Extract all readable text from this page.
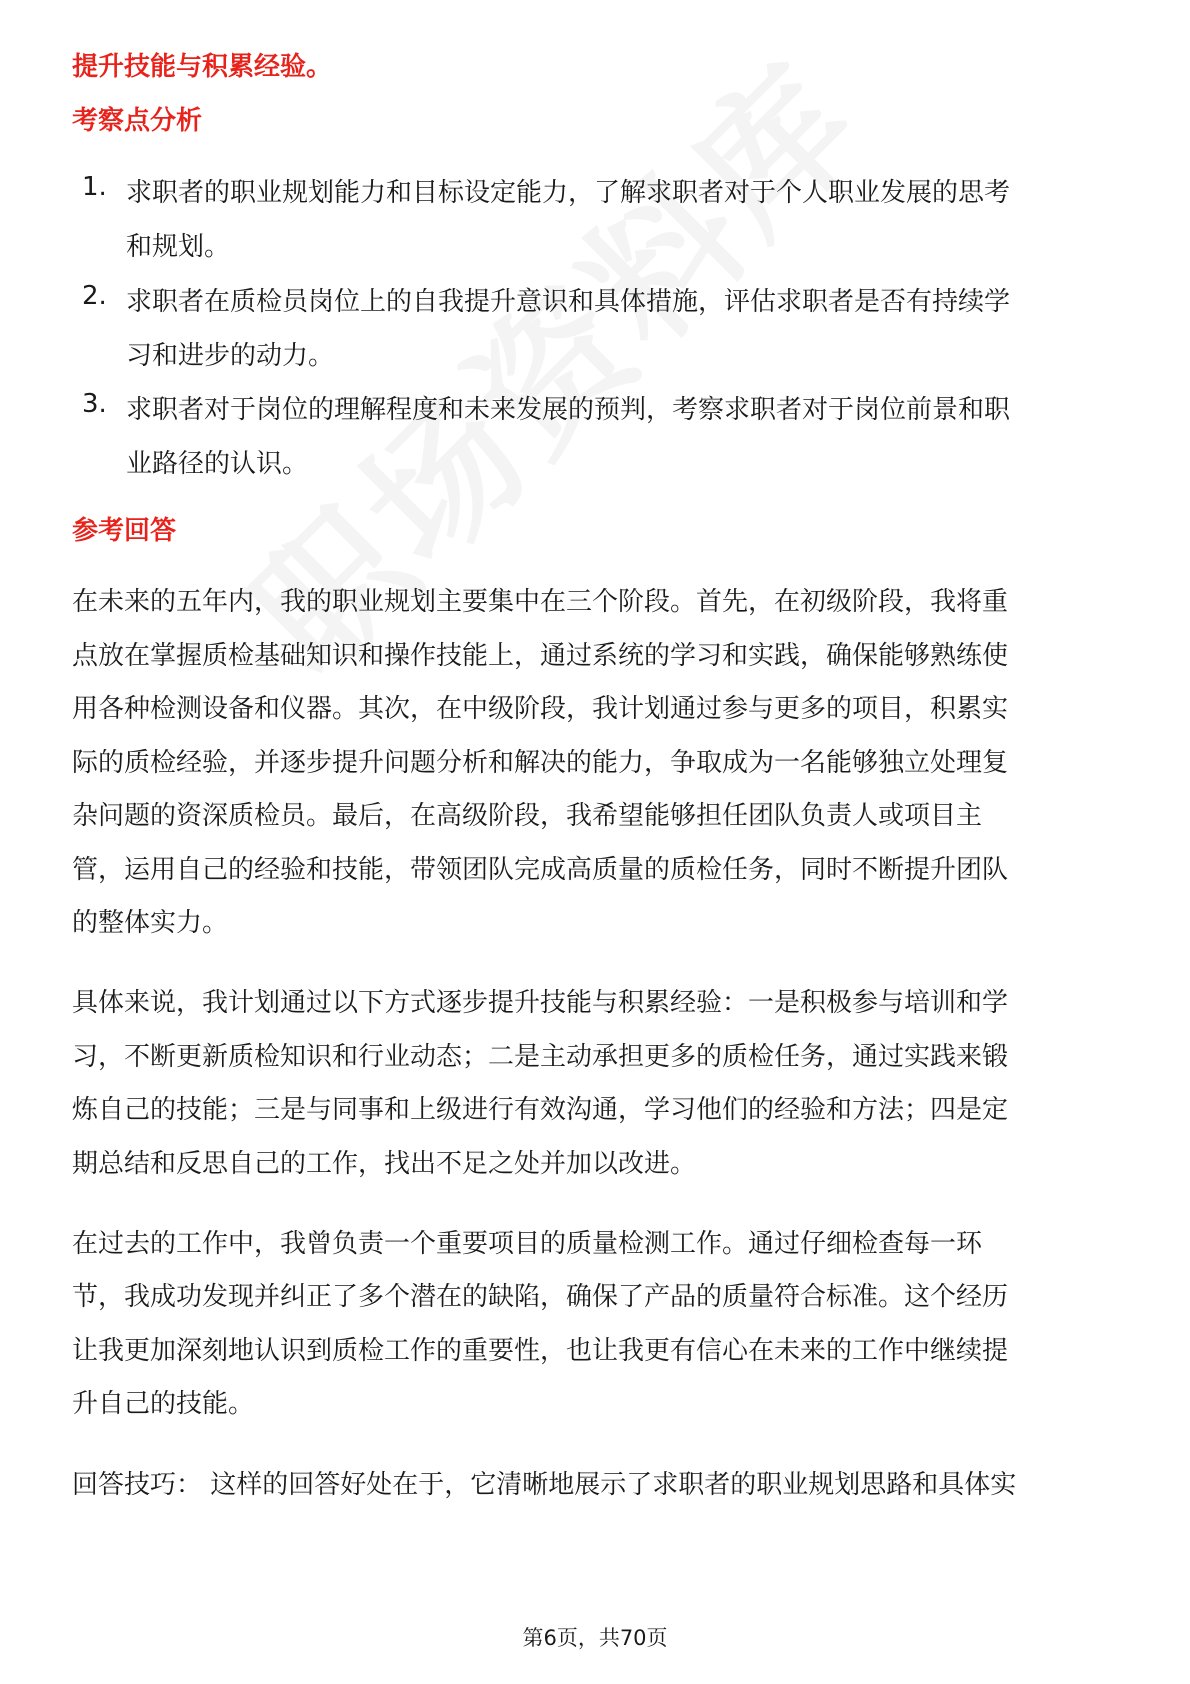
提升技能与积累经验。
考察点分析
1. 求职者的职业规划能力和目标设定能力，了解求职者对于个人职业发展的思考
和规划。
2. 求职者在质检员岗位上的自我提升意识和具体措施，评估求职者是否有持续学
习和进步的动力。
3. 求职者对于岗位的理解程度和未来发展的预判，考察求职者对于岗位前景和职
业路径的认识。
参考回答
在未来的五年内，我的职业规划主要集中在三个阶段。首先，在初级阶段，我将重
点放在掌握质检基础知识和操作技能上，通过系统的学习和实践，确保能够熟练使
用各种检测设备和仪器。其次，在中级阶段，我计划通过参与更多的项目，积累实
际的质检经验，并逐步提升问题分析和解决的能力，争取成为一名能够独立处理复
杂问题的资深质检员。最后，在高级阶段，我希望能够担任团队负责人或项目主
管，运用自己的经验和技能，带领团队完成高质量的质检任务，同时不断提升团队
的整体实力。
具体来说，我计划通过以下方式逐步提升技能与积累经验：一是积极参与培训和学
习，不断更新质检知识和行业动态；二是主动承担更多的质检任务，通过实践来锻
炼自己的技能；三是与同事和上级进行有效沟通，学习他们的经验和方法；四是定
期总结和反思自己的工作，找出不足之处并加以改进。
在过去的工作中，我曾负责一个重要项目的质量检测工作。通过仔细检查每一环
节，我成功发现并纠正了多个潜在的缺陷，确保了产品的质量符合标准。这个经历
让我更加深刻地认识到质检工作的重要性，也让我更有信心在未来的工作中继续提
升自己的技能。
回答技巧： 这样的回答好处在于，它清晰地展示了求职者的职业规划思路和具体实
第6页，共70页
